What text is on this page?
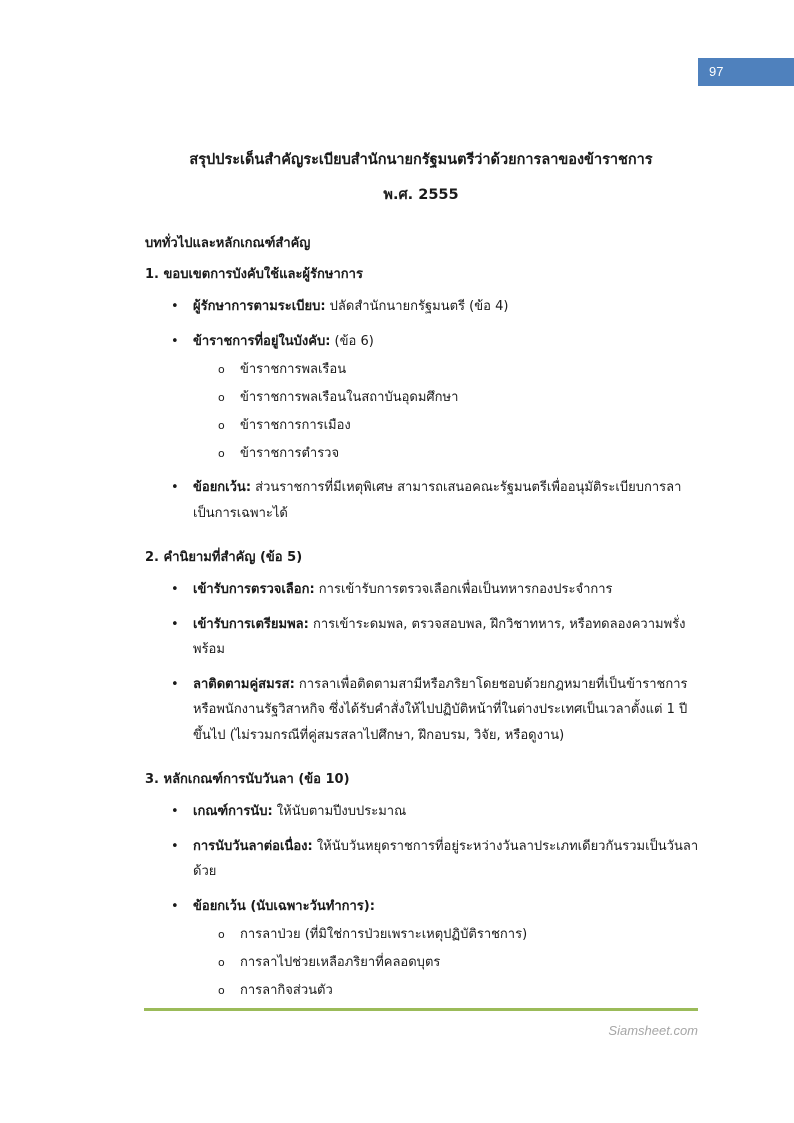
97
สรุปประเด็นสำคัญระเบียบสำนักนายกรัฐมนตรีว่าด้วยการลาของข้าราชการ
พ.ศ. 2555
บททั่วไปและหลักเกณฑ์สำคัญ
1. ขอบเขตการบังคับใช้และผู้รักษาการ
• ผู้รักษาการตามระเบียบ: ปลัดสำนักนายกรัฐมนตรี (ข้อ 4)
• ข้าราชการที่อยู่ในบังคับ: (ข้อ 6)
o ข้าราชการพลเรือน
o ข้าราชการพลเรือนในสถาบันอุดมศึกษา
o ข้าราชการการเมือง
o ข้าราชการตำรวจ
• ข้อยกเว้น: ส่วนราชการที่มีเหตุพิเศษ สามารถเสนอคณะรัฐมนตรีเพื่ออนุมัติระเบียบการลาเป็นการเฉพาะได้
2. คำนิยามที่สำคัญ (ข้อ 5)
• เข้ารับการตรวจเลือก: การเข้ารับการตรวจเลือกเพื่อเป็นทหารกองประจำการ
• เข้ารับการเตรียมพล: การเข้าระดมพล, ตรวจสอบพล, ฝึกวิชาทหาร, หรือทดลองความพรั่งพร้อม
• ลาติดตามคู่สมรส: การลาเพื่อติดตามสามีหรือภริยาโดยชอบด้วยกฎหมายที่เป็นข้าราชการหรือพนักงานรัฐวิสาหกิจ ซึ่งได้รับคำสั่งให้ไปปฏิบัติหน้าที่ในต่างประเทศเป็นเวลาตั้งแต่ 1 ปีขึ้นไป (ไม่รวมกรณีที่คู่สมรสลาไปศึกษา, ฝึกอบรม, วิจัย, หรือดูงาน)
3. หลักเกณฑ์การนับวันลา (ข้อ 10)
• เกณฑ์การนับ: ให้นับตามปีงบประมาณ
• การนับวันลาต่อเนื่อง: ให้นับวันหยุดราชการที่อยู่ระหว่างวันลาประเภทเดียวกันรวมเป็นวันลาด้วย
• ข้อยกเว้น (นับเฉพาะวันทำการ):
o การลาป่วย (ที่มิใช่การป่วยเพราะเหตุปฏิบัติราชการ)
o การลาไปช่วยเหลือภริยาที่คลอดบุตร
o การลากิจส่วนตัว
Siamsheet.com
